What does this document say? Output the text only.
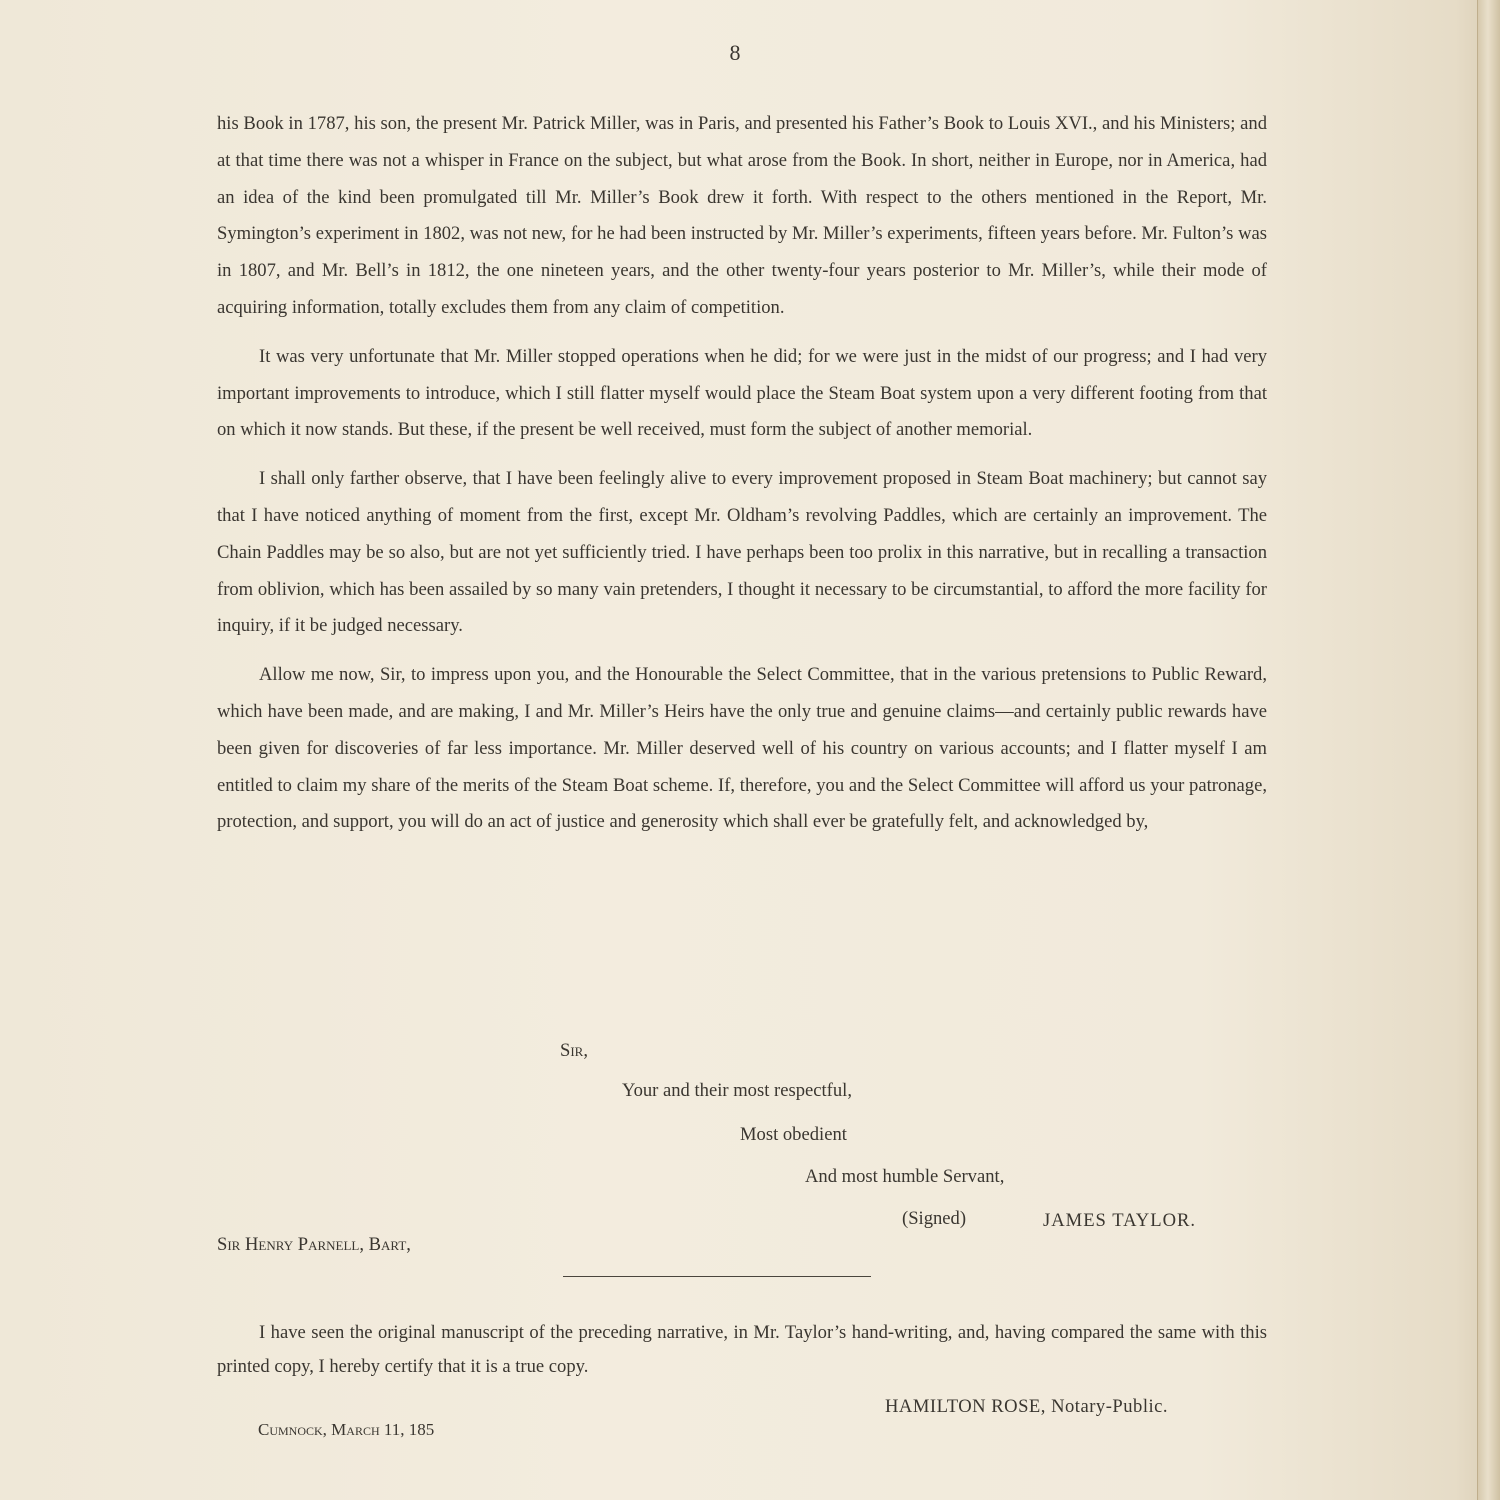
8

his Book in 1787, his son, the present Mr. Patrick Miller, was in Paris, and presented his Father’s Book to Louis XVI., and his Ministers; and at that time there was not a whisper in France on the subject, but what arose from the Book. In short, neither in Europe, nor in America, had an idea of the kind been promulgated till Mr. Miller’s Book drew it forth. With respect to the others mentioned in the Report, Mr. Symington’s experiment in 1802, was not new, for he had been instructed by Mr. Miller’s experiments, fifteen years before. Mr. Fulton’s was in 1807, and Mr. Bell’s in 1812, the one nineteen years, and the other twenty-four years posterior to Mr. Miller’s, while their mode of acquiring information, totally excludes them from any claim of competition.

It was very unfortunate that Mr. Miller stopped operations when he did; for we were just in the midst of our progress; and I had very important improvements to introduce, which I still flatter myself would place the Steam Boat system upon a very different footing from that on which it now stands. But these, if the present be well received, must form the subject of another memorial.

I shall only farther observe, that I have been feelingly alive to every improvement proposed in Steam Boat machinery; but cannot say that I have noticed anything of moment from the first, except Mr. Oldham’s revolving Paddles, which are certainly an improvement. The Chain Paddles may be so also, but are not yet sufficiently tried. I have perhaps been too prolix in this narrative, but in recalling a transaction from oblivion, which has been assailed by so many vain pretenders, I thought it necessary to be circumstantial, to afford the more facility for inquiry, if it be judged necessary.

Allow me now, Sir, to impress upon you, and the Honourable the Select Committee, that in the various pretensions to Public Reward, which have been made, and are making, I and Mr. Miller’s Heirs have the only true and genuine claims—and certainly public rewards have been given for discoveries of far less importance. Mr. Miller deserved well of his country on various accounts; and I flatter myself I am entitled to claim my share of the merits of the Steam Boat scheme. If, therefore, you and the Select Committee will afford us your patronage, protection, and support, you will do an act of justice and generosity which shall ever be gratefully felt, and acknowledged by,

Sir,
Your and their most respectful,
Most obedient
And most humble Servant,
(Signed)	JAMES TAYLOR.
Sir Henry Parnell, Bart,

I have seen the original manuscript of the preceding narrative, in Mr. Taylor’s hand-writing, and, having compared the same with this printed copy, I hereby certify that it is a true copy.

HAMILTON ROSE, Notary-Public.
Cumnock, March 11, 185
